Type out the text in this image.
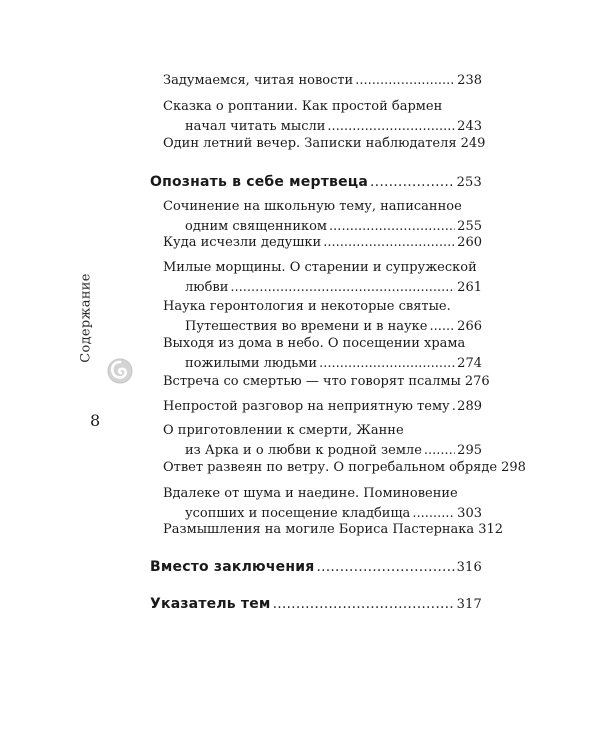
Содержание
8
Задумаемся, читая новости .....	238
Сказка о роптании. Как простой бармен
начал читать мысли .....	243
Один летний вечер. Записки наблюдателя 249
Опознать в себе мертвеца .....	253
Сочинение на школьную тему, написанное
одним священником .....	255
Куда исчезли дедушки .....	260
Милые морщины. О старении и супружеской
любви .....	261
Наука геронтология и некоторые святые.
Путешествия во времени и в науке ..... 266
Выходя из дома в небо. О посещении храма
пожилыми людьми .....	274
Встреча со смертью — что говорят псалмы 276
Непростой разговор на неприятную тему ..... 289
О приготовлении к смерти, Жанне
из Арка и о любви к родной земле .....	295
Ответ развеян по ветру. О погребальном обряде 298
Вдалеке от шума и наедине. Поминовение
усопших и посещение кладбища .....	303
Размышления на могиле Бориса Пастернака 312
Вместо заключения .....	316
Указатель тем .....	317
